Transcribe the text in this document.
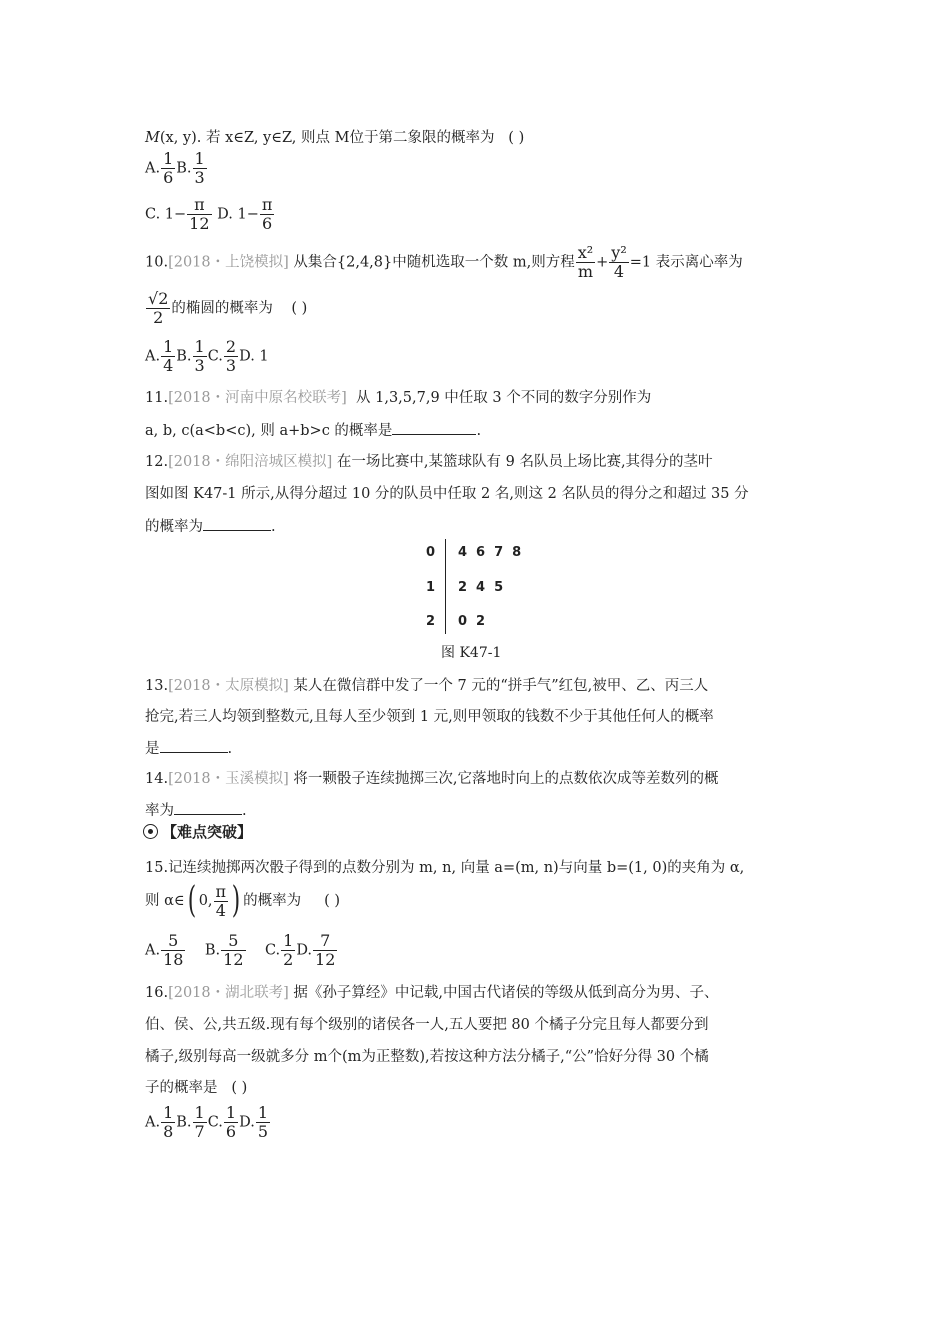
M(x, y). 若 x∈Z, y∈Z, 则点 M位于第二象限的概率为 ( )
A. $\frac{1}{6} B$. $\frac{1}{3}$
C. $1- \frac{\pi}{12} D$. $1- \frac{\pi}{6}$
10.[2018・上饶模拟] 从集合{2,4,8}中随机选取一个数 m,则方程 $\frac{\text{x²}}{m} + \frac{\text{y²}}{4} =1$ 表示离心率为
$\frac{√2}{2}$ 的椭圆的概率为 ( )
A. $\frac{1}{4} B$. $\frac{1}{3} C$. $\frac{2}{3} D$. 1
11.[2018・河南中原名校联考] 从 1,3,5,7,9 中任取 3 个不同的数字分别作为
a, b, c(a<b<c), 则 a+b>c 的概率是	.
12.[2018・绵阳涪城区模拟] 在一场比赛中,某篮球队有 9 名队员上场比赛,其得分的茎叶
图如图 K47-1 所示,从得分超过 10 分的队员中任取 2 名,则这 2 名队员的得分之和超过 35 分
的概率为	.
0 4678
1 245
2 02
图 K47-1
13.[2018・太原模拟] 某人在微信群中发了一个 7 元的“拼手气”红包,被甲、乙、丙三人
抢完,若三人均领到整数元,且每人至少领到 1 元,则甲领取的钱数不少于其他任何人的概率
是	.
14.[2018・玉溪模拟] 将一颗骰子连续抛掷三次,它落地时向上的点数依次成等差数列的概
率为	.
【难点突破】
15.记连续抛掷两次骰子得到的点数分别为 m, n, 向量 a=(m, n)与向量 b=(1, 0)的夹角为 α,
则 α∈( 0, $\frac{\pi}{4}$ ) 的概率为 ( )
A. $\frac{5}{18} B$. $\frac{5}{12} C$. $\frac{1}{2} D$. $\frac{7}{12}$
16.[2018・湖北联考] 据《孙子算经》中记载,中国古代诸侯的等级从低到高分为男、子、
伯、侯、公,共五级.现有每个级别的诸侯各一人,五人要把 80 个橘子分完且每人都要分到
橘子,级别每高一级就多分 m个(m为正整数),若按这种方法分橘子,“公”恰好分得 30 个橘
子的概率是 ( )
A. $\frac{1}{8} B$. $\frac{1}{7} C$. $\frac{1}{6} D$. $\frac{1}{5}$
